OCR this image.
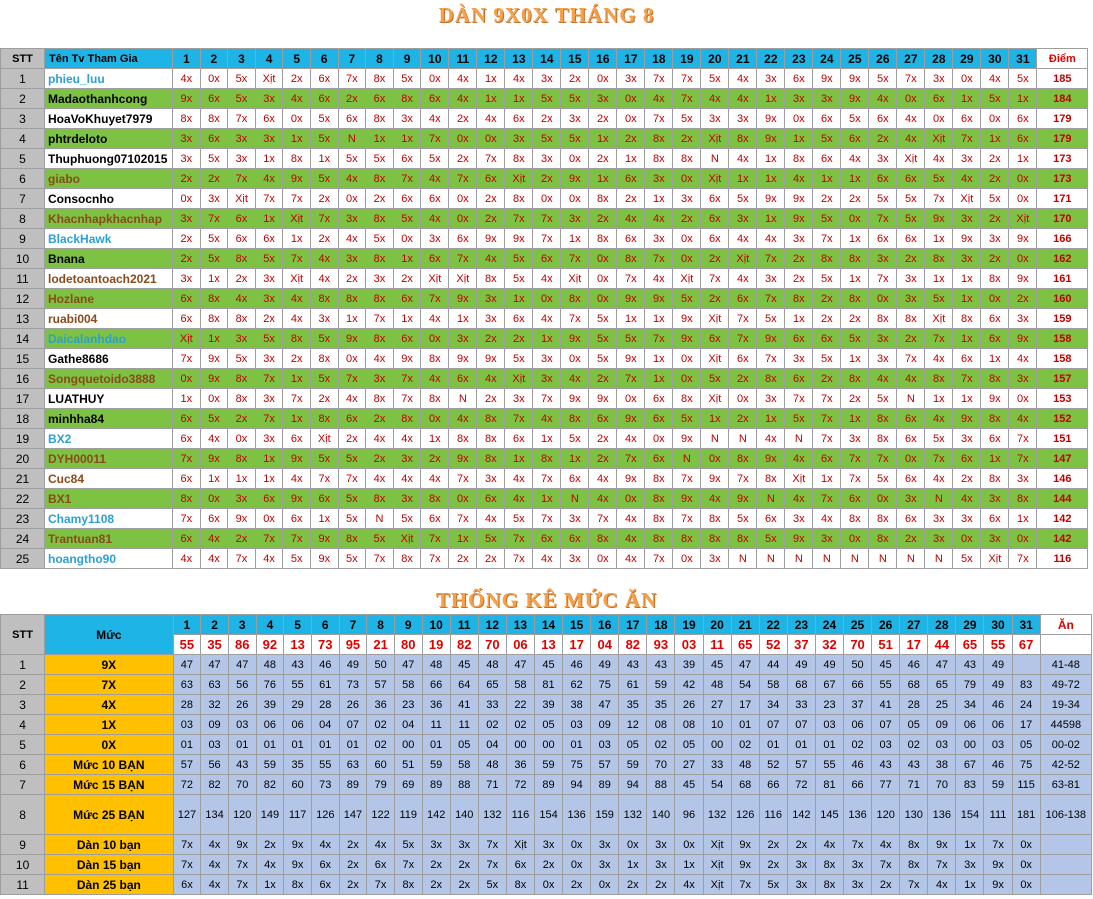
DÀN 9X0X THÁNG 8
STT	Tên Tv Tham Gia	1	2	3	4	5	6	7	8	9	10	11	12	13	14	15	16	17	18	19	20	21	22	23	24	25	26	27	28	29	30	31	Điểm
1	phieu_luu	4x	0x	5x	Xịt	2x	6x	7x	8x	5x	0x	4x	1x	4x	3x	2x	0x	3x	7x	7x	5x	4x	3x	6x	9x	9x	5x	7x	3x	0x	4x	5x	185
2	Madaothanhcong	9x	6x	5x	3x	4x	6x	2x	6x	8x	6x	4x	1x	1x	5x	5x	3x	0x	4x	7x	4x	4x	1x	3x	3x	9x	4x	0x	6x	1x	5x	1x	184
3	HoaVoKhuyet7979	8x	8x	7x	6x	0x	5x	6x	8x	3x	4x	2x	4x	6x	2x	3x	2x	0x	7x	5x	3x	3x	9x	0x	6x	5x	6x	4x	0x	6x	0x	6x	179
4	phtrdeloto	3x	6x	3x	3x	1x	5x	N	1x	1x	7x	0x	0x	3x	5x	5x	1x	2x	8x	2x	Xịt	8x	9x	1x	5x	6x	2x	4x	Xịt	7x	1x	6x	179
5	Thuphuong07102015	3x	5x	3x	1x	8x	1x	5x	5x	6x	5x	2x	7x	8x	3x	0x	2x	1x	8x	8x	N	4x	1x	8x	6x	4x	3x	Xịt	4x	3x	2x	1x	173
6	giabo	2x	2x	7x	4x	9x	5x	4x	8x	7x	4x	7x	6x	Xịt	2x	9x	1x	6x	3x	0x	Xịt	1x	1x	4x	1x	1x	6x	6x	5x	4x	2x	0x	173
7	Consocnho	0x	3x	Xịt	7x	7x	2x	0x	2x	6x	6x	0x	2x	8x	0x	0x	8x	2x	1x	3x	6x	5x	9x	9x	2x	2x	5x	5x	7x	Xịt	5x	0x	171
8	Khacnhapkhacnhap	3x	7x	6x	1x	Xịt	7x	3x	8x	5x	4x	0x	2x	7x	7x	3x	2x	4x	4x	2x	6x	3x	1x	9x	5x	0x	7x	5x	9x	3x	2x	Xịt	170
9	BlackHawk	2x	5x	6x	6x	1x	2x	4x	5x	0x	3x	6x	9x	9x	7x	1x	8x	6x	3x	0x	6x	4x	4x	3x	7x	1x	6x	6x	1x	9x	3x	9x	166
10	Bnana	2x	5x	8x	5x	7x	4x	3x	8x	1x	6x	7x	4x	5x	6x	7x	0x	8x	7x	0x	2x	Xịt	7x	2x	8x	8x	3x	2x	8x	3x	2x	0x	162
11	lodetoantoach2021	3x	1x	2x	3x	Xịt	4x	2x	3x	2x	Xịt	Xịt	8x	5x	4x	Xịt	0x	7x	4x	Xịt	7x	4x	3x	2x	5x	1x	7x	3x	1x	1x	8x	9x	161
12	Hozlane	6x	8x	4x	3x	4x	8x	8x	8x	6x	7x	9x	3x	1x	0x	8x	0x	9x	9x	5x	2x	6x	7x	8x	2x	8x	0x	3x	5x	1x	0x	2x	160
13	ruabi004	6x	8x	8x	2x	4x	3x	1x	7x	1x	4x	1x	3x	6x	4x	7x	5x	1x	1x	9x	Xịt	7x	5x	1x	2x	2x	8x	8x	Xịt	8x	6x	3x	159
14	Daicalanhdao	Xịt	1x	3x	5x	8x	5x	9x	8x	6x	0x	3x	2x	2x	1x	9x	5x	5x	7x	9x	6x	7x	9x	6x	6x	5x	3x	2x	7x	1x	6x	9x	158
15	Gathe8686	7x	9x	5x	3x	2x	8x	0x	4x	9x	8x	9x	9x	5x	3x	0x	5x	9x	1x	0x	Xịt	6x	7x	3x	5x	1x	3x	7x	4x	6x	1x	4x	158
16	Songquetoido3888	0x	9x	8x	7x	1x	5x	7x	3x	7x	4x	6x	4x	Xịt	3x	4x	2x	7x	1x	0x	5x	2x	8x	6x	2x	8x	4x	4x	8x	7x	8x	3x	157
17	LUATHUY	1x	0x	8x	3x	7x	2x	4x	8x	7x	8x	N	2x	3x	7x	9x	9x	0x	6x	8x	Xịt	0x	3x	7x	7x	2x	5x	N	1x	1x	9x	0x	153
18	minhha84	6x	5x	2x	7x	1x	8x	6x	2x	8x	0x	4x	8x	7x	4x	8x	6x	9x	6x	5x	1x	2x	1x	5x	7x	1x	8x	6x	4x	9x	8x	4x	152
19	BX2	6x	4x	0x	3x	6x	Xịt	2x	4x	4x	1x	8x	8x	6x	1x	5x	2x	4x	0x	9x	N	N	4x	N	7x	3x	8x	6x	5x	3x	6x	7x	151
20	DYH00011	7x	9x	8x	1x	9x	5x	5x	2x	3x	2x	9x	8x	1x	8x	1x	2x	7x	6x	N	0x	8x	9x	4x	6x	7x	7x	0x	7x	6x	1x	7x	147
21	Cuc84	6x	1x	1x	1x	4x	7x	7x	4x	4x	4x	7x	3x	4x	7x	6x	4x	9x	8x	7x	9x	7x	8x	Xịt	1x	7x	5x	6x	4x	2x	8x	3x	146
22	BX1	8x	0x	3x	6x	9x	6x	5x	8x	3x	8x	0x	6x	4x	1x	N	4x	0x	8x	9x	4x	9x	N	4x	7x	6x	0x	3x	N	4x	3x	8x	144
23	Chamy1108	7x	6x	9x	0x	6x	1x	5x	N	5x	6x	7x	4x	5x	7x	3x	7x	4x	8x	7x	8x	5x	6x	3x	4x	8x	8x	6x	3x	3x	6x	1x	142
24	Trantuan81	6x	4x	2x	7x	7x	9x	8x	5x	Xịt	7x	1x	5x	7x	6x	6x	8x	4x	8x	8x	8x	8x	5x	9x	3x	0x	8x	2x	3x	0x	3x	0x	142
25	hoangtho90	4x	4x	7x	4x	5x	9x	5x	7x	8x	7x	2x	2x	7x	4x	3x	0x	4x	7x	0x	3x	N	N	N	N	N	N	N	N	5x	Xịt	7x	116
THỐNG KÊ MỨC ĂN
STT	Mức	1	2	3	4	5	6	7	8	9	10	11	12	13	14	15	16	17	18	19	20	21	22	23	24	25	26	27	28	29	30	31	Ăn
		55	35	86	92	13	73	95	21	80	19	82	70	06	13	17	04	82	93	03	11	65	52	37	32	70	51	17	44	65	55	67	
1	9X	47	47	47	48	43	46	49	50	47	48	45	48	47	45	46	49	43	43	39	45	47	44	49	49	50	45	46	47	43	49		41-48
2	7X	63	63	56	76	55	61	73	57	58	66	64	65	58	81	62	75	61	59	42	48	54	58	68	67	66	55	68	65	79	49	83	49-72
3	4X	28	32	26	39	29	28	26	36	23	36	41	33	22	39	38	47	35	35	26	27	17	34	33	23	37	41	28	25	34	46	24	19-34
4	1X	03	09	03	06	06	04	07	02	04	11	11	02	02	05	03	09	12	08	08	10	01	07	07	03	06	07	05	09	06	06	17	44598
5	0X	01	03	01	01	01	01	01	02	00	01	05	04	00	00	01	03	05	02	05	00	02	01	01	01	02	03	02	03	00	03	05	00-02
6	Mức 10 BẠN	57	56	43	59	35	55	63	60	51	59	58	48	36	59	75	57	59	70	27	33	48	52	57	55	46	43	43	38	67	46	75	42-52
7	Mức 15 BẠN	72	82	70	82	60	73	89	79	69	89	88	71	72	89	94	89	94	88	45	54	68	66	72	81	66	77	71	70	83	59	115	63-81
8	Mức 25 BẠN	127	134	120	149	117	126	147	122	119	142	140	132	116	154	136	159	132	140	96	132	126	116	142	145	136	120	130	136	154	111	181	106-138
9	Dàn 10 bạn	7x	4x	9x	2x	9x	4x	2x	4x	5x	3x	3x	7x	Xịt	3x	0x	3x	0x	3x	0x	Xịt	9x	2x	2x	4x	7x	4x	8x	9x	1x	7x	0x	
10	Dàn 15 bạn	7x	4x	7x	4x	9x	6x	2x	6x	7x	2x	2x	7x	6x	2x	0x	3x	1x	3x	1x	Xịt	9x	2x	3x	8x	3x	7x	8x	7x	3x	9x	0x	
11	Dàn 25 bạn	6x	4x	7x	1x	8x	6x	2x	7x	8x	2x	2x	5x	8x	0x	2x	0x	2x	2x	4x	Xịt	7x	5x	3x	8x	3x	2x	7x	4x	1x	9x	0x	
